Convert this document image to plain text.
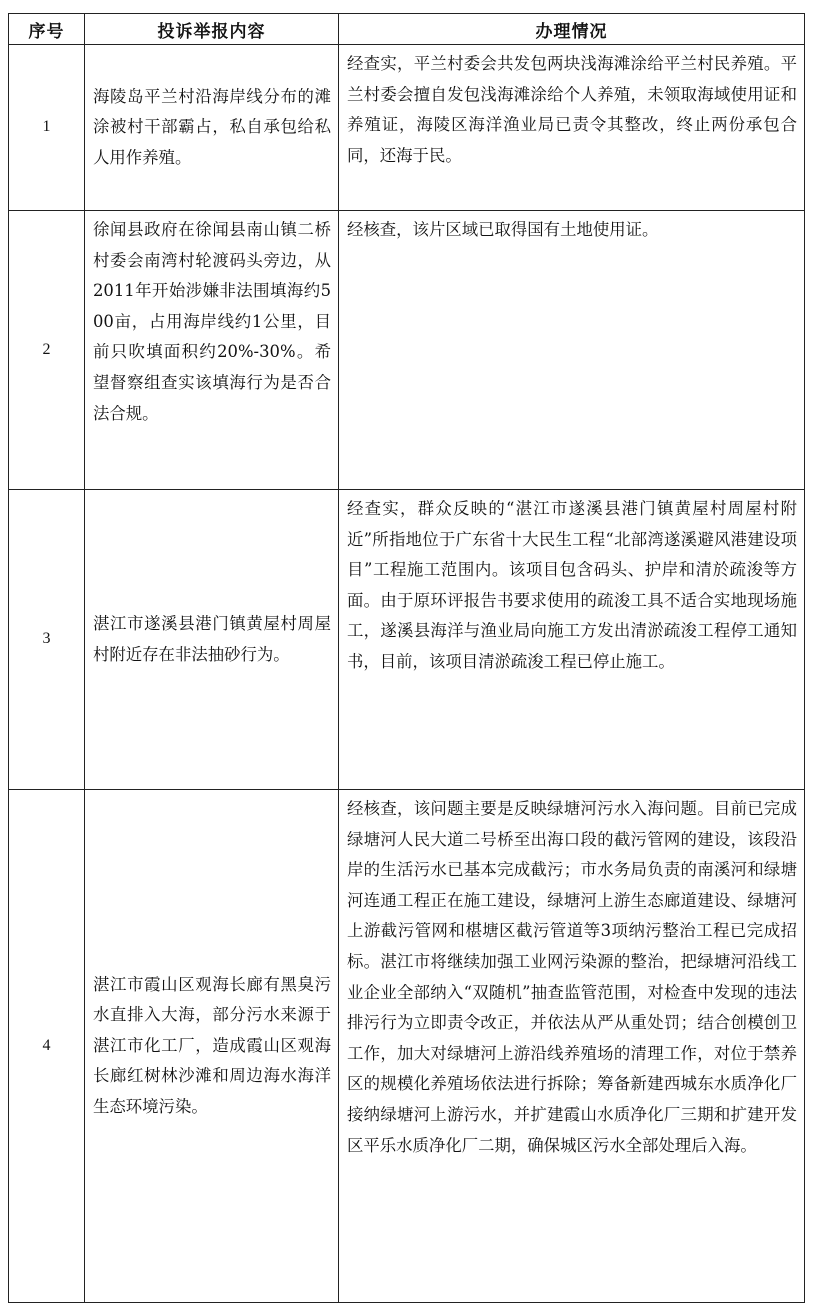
序号	投诉举报内容	办理情况
1	海陵岛平兰村沿海岸线分布的滩涂被村干部霸占，私自承包给私人用作养殖。	经查实，平兰村委会共发包两块浅海滩涂给平兰村民养殖。平兰村委会擅自发包浅海滩涂给个人养殖，未领取海域使用证和养殖证，海陵区海洋渔业局已责令其整改，终止两份承包合同，还海于民。
2	徐闻县政府在徐闻县南山镇二桥村委会南湾村轮渡码头旁边，从2011年开始涉嫌非法围填海约500亩，占用海岸线约1公里，目前只吹填面积约20%-30%。希望督察组查实该填海行为是否合法合规。	经核查，该片区域已取得国有土地使用证。
3	湛江市遂溪县港门镇黄屋村周屋村附近存在非法抽砂行为。	经查实，群众反映的“湛江市遂溪县港门镇黄屋村周屋村附近”所指地位于广东省十大民生工程“北部湾遂溪避风港建设项目”工程施工范围内。该项目包含码头、护岸和清於疏浚等方面。由于原环评报告书要求使用的疏浚工具不适合实地现场施工，遂溪县海洋与渔业局向施工方发出清淤疏浚工程停工通知书，目前，该项目清淤疏浚工程已停止施工。
4	湛江市霞山区观海长廊有黑臭污水直排入大海，部分污水来源于湛江市化工厂，造成霞山区观海长廊红树林沙滩和周边海水海洋生态环境污染。	经核查，该问题主要是反映绿塘河污水入海问题。目前已完成绿塘河人民大道二号桥至出海口段的截污管网的建设，该段沿岸的生活污水已基本完成截污；市水务局负责的南溪河和绿塘河连通工程正在施工建设，绿塘河上游生态廊道建设、绿塘河上游截污管网和椹塘区截污管道等3项纳污整治工程已完成招标。湛江市将继续加强工业网污染源的整治，把绿塘河沿线工业企业全部纳入“双随机”抽查监管范围，对检查中发现的违法排污行为立即责令改正，并依法从严从重处罚；结合创模创卫工作，加大对绿塘河上游沿线养殖场的清理工作，对位于禁养区的规模化养殖场依法进行拆除；筹备新建西城东水质净化厂接纳绿塘河上游污水，并扩建霞山水质净化厂三期和扩建开发区平乐水质净化厂二期，确保城区污水全部处理后入海。
